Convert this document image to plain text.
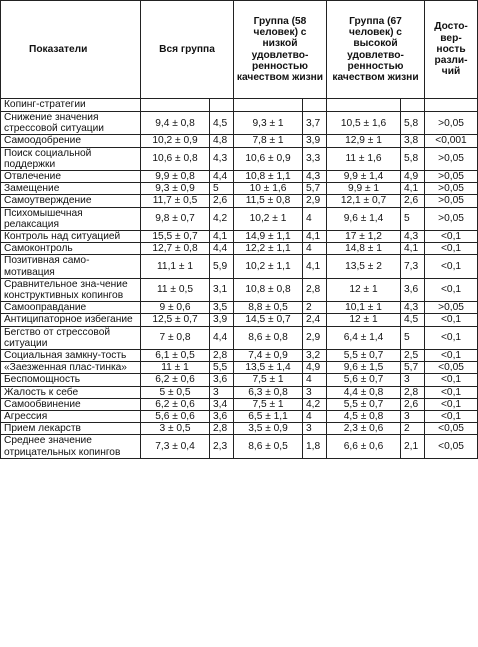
Показатели	Вся группа		Группа (58 человек) с низкой удовлетво-ренностью качеством жизни		Группа (67 человек) с высокой удовлетво-ренностью качеством жизни		Досто-вер-ность разли-чий
Копинг-стратегии							
Снижение значения стрессовой ситуации	9,4 ± 0,8	4,5	9,3 ± 1	3,7	10,5 ± 1,6	5,8	>0,05
Самоодобрение	10,2 ± 0,9	4,8	7,8 ± 1	3,9	12,9 ± 1	3,8	<0,001
Поиск социальной поддержки	10,6 ± 0,8	4,3	10,6 ± 0,9	3,3	11 ± 1,6	5,8	>0,05
Отвлечение	9,9 ± 0,8	4,4	10,8 ± 1,1	4,3	9,9 ± 1,4	4,9	>0,05
Замещение	9,3 ± 0,9	5	10 ± 1,6	5,7	9,9 ± 1	4,1	>0,05
Самоутверждение	11,7 ± 0,5	2,6	11,5 ± 0,8	2,9	12,1 ± 0,7	2,6	>0,05
Психомышечная релаксация	9,8 ± 0,7	4,2	10,2 ± 1	4	9,6 ± 1,4	5	>0,05
Контроль над ситуацией	15,5 ± 0,7	4,1	14,9 ± 1,1	4,1	17 ± 1,2	4,3	<0,1
Самоконтроль	12,7 ± 0,8	4,4	12,2 ± 1,1	4	14,8 ± 1	4,1	<0,1
Позитивная само-мотивация	11,1 ± 1	5,9	10,2 ± 1,1	4,1	13,5 ± 2	7,3	<0,1
Сравнительное зна-чение конструктивных копингов	11 ± 0,5	3,1	10,8 ± 0,8	2,8	12 ± 1	3,6	<0,1
Самооправдание	9 ± 0,6	3,5	8,8 ± 0,5	2	10,1 ± 1	4,3	>0,05
Антиципаторное избегание	12,5 ± 0,7	3,9	14,5 ± 0,7	2,4	12 ± 1	4,5	<0,1
Бегство от стрессовой ситуации	7 ± 0,8	4,4	8,6 ± 0,8	2,9	6,4 ± 1,4	5	<0,1
Социальная замкну-тость	6,1 ± 0,5	2,8	7,4 ± 0,9	3,2	5,5 ± 0,7	2,5	<0,1
«Заезженная плас-тинка»	11 ± 1	5,5	13,5 ± 1,4	4,9	9,6 ± 1,5	5,7	<0,05
Беспомощность	6,2 ± 0,6	3,6	7,5 ± 1	4	5,6 ± 0,7	3	<0,1
Жалость к себе	5 ± 0,5	3	6,3 ± 0,8	3	4,4 ± 0,8	2,8	<0,1
Самообвинение	6,2 ± 0,6	3,4	7,5 ± 1	4,2	5,5 ± 0,7	2,6	<0,1
Агрессия	5,6 ± 0,6	3,6	6,5 ± 1,1	4	4,5 ± 0,8	3	<0,1
Прием лекарств	3 ± 0,5	2,8	3,5 ± 0,9	3	2,3 ± 0,6	2	<0,05
Среднее значение отрицательных копингов	7,3 ± 0,4	2,3	8,6 ± 0,5	1,8	6,6 ± 0,6	2,1	<0,05
